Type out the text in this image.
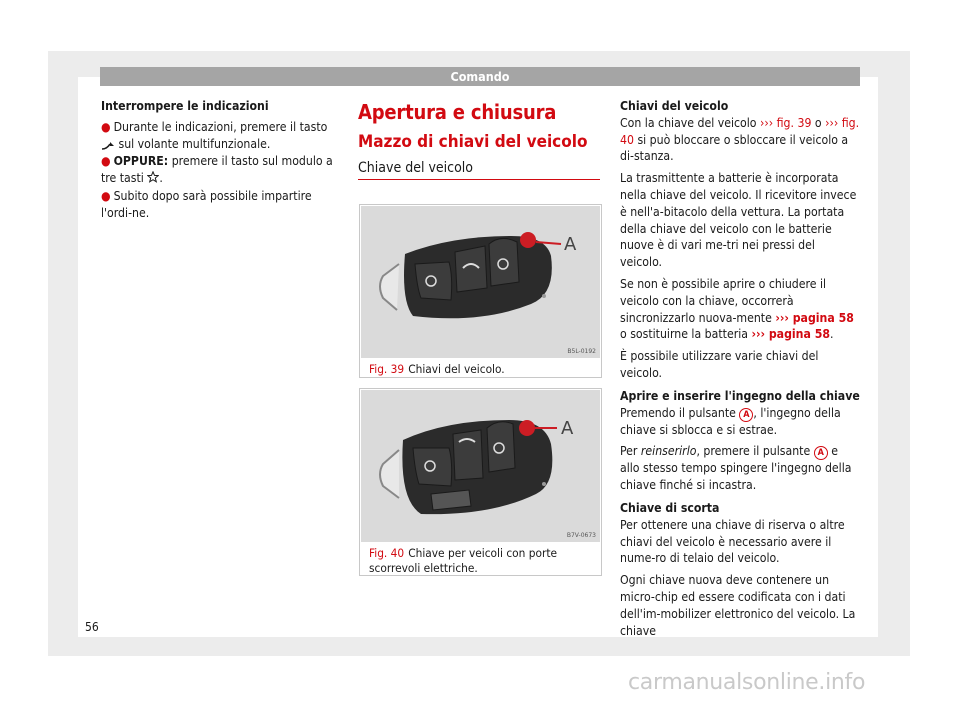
Comando
Interrompere le indicazioni
● Durante le indicazioni, premere il tasto  sul volante multifunzionale.
● OPPURE: premere il tasto sul modulo a tre tasti .
● Subito dopo sarà possibile impartire l'ordi-ne.
Apertura e chiusura
Mazzo di chiavi del veicolo
Chiave del veicolo
A
B5L-0192
Fig. 39 Chiavi del veicolo.
A
B7V-0673
Fig. 40 Chiave per veicoli con porte scorrevoli elettriche.
Chiavi del veicolo

Con la chiave del veicolo ››› fig. 39 o ››› fig. 40 si può bloccare o sbloccare il veicolo a di-stanza.

La trasmittente a batterie è incorporata nella chiave del veicolo. Il ricevitore invece è nell'a-bitacolo della vettura. La portata della chiave del veicolo con le batterie nuove è di vari me-tri nei pressi del veicolo.

Se non è possibile aprire o chiudere il veicolo con la chiave, occorrerà sincronizzarlo nuova-mente ››› pagina 58 o sostituirne la batteria ››› pagina 58.

È possibile utilizzare varie chiavi del veicolo.

Aprire e inserire l'ingegno della chiave

Premendo il pulsante A , l'ingegno della chiave si sblocca e si estrae.

Per reinserirlo, premere il pulsante A e allo stesso tempo spingere l'ingegno della chiave finché si incastra.

Chiave di scorta

Per ottenere una chiave di riserva o altre chiavi del veicolo è necessario avere il nume-ro di telaio del veicolo.

Ogni chiave nuova deve contenere un micro-chip ed essere codificata con i dati dell'im-mobilizer elettronico del veicolo. La chiave

56
carmanualsonline.info
